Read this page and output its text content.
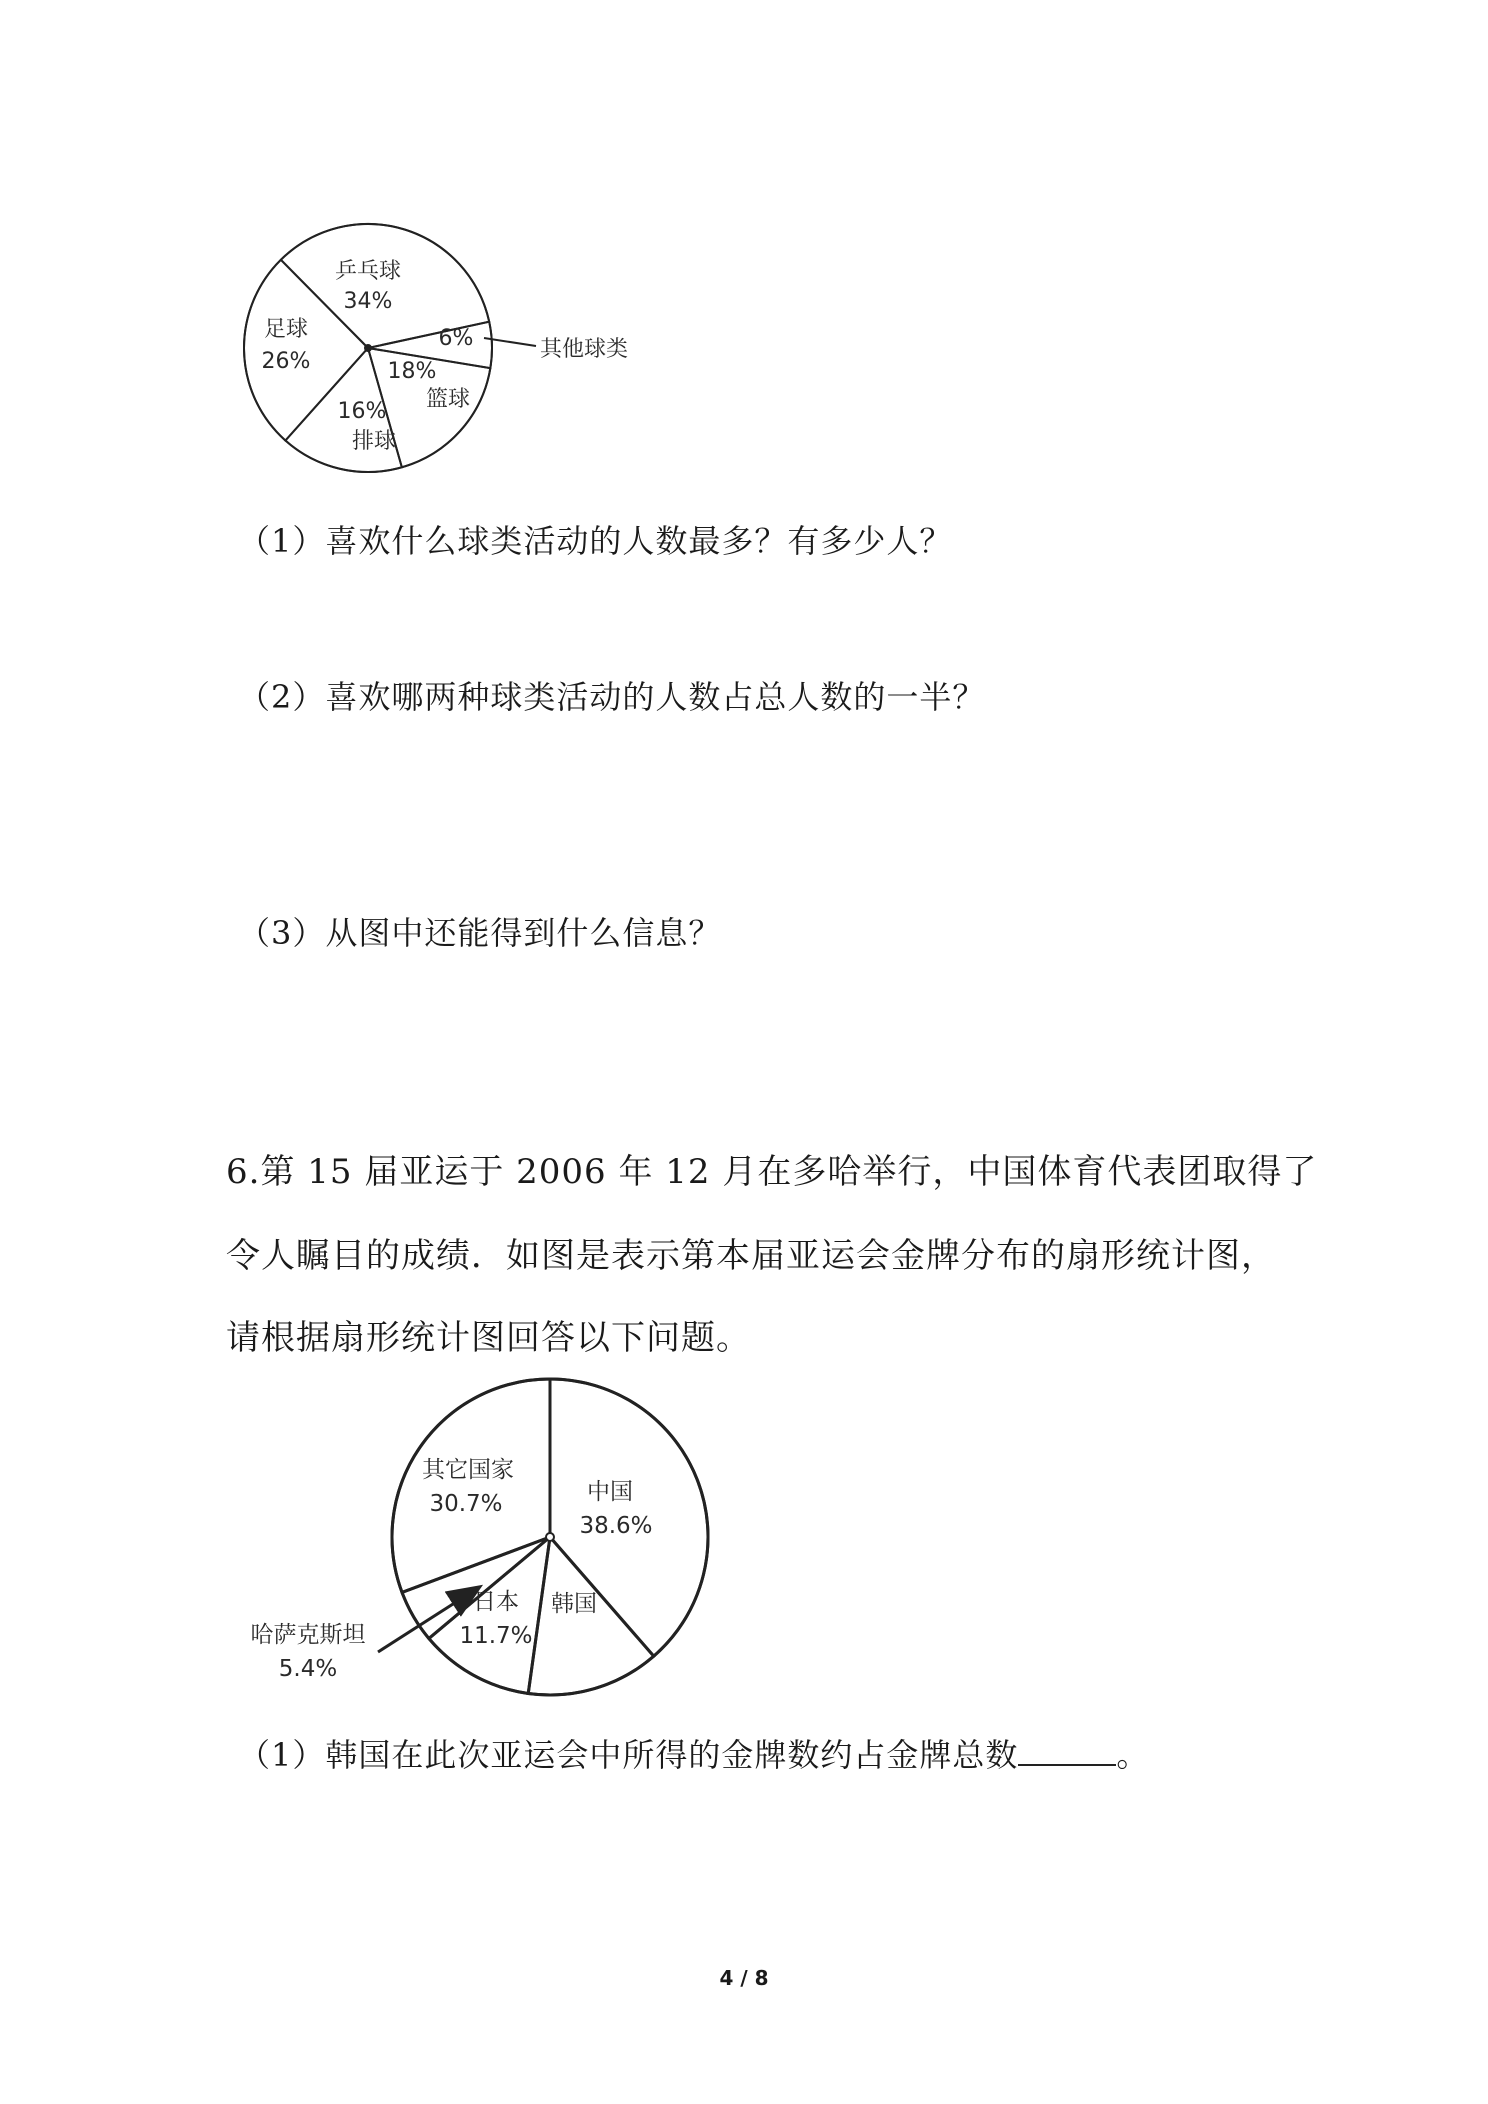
乒乓球
34%
6%
篮球
18%
排球
16%
足球
26%	其他球类
（1）喜欢什么球类活动的人数最多？有多少人？
（2）喜欢哪两种球类活动的人数占总人数的一半？
（3）从图中还能得到什么信息？
6.第 15 届亚运于 2006 年 12 月在多哈举行，中国体育代表团取得了
令人瞩目的成绩．如图是表示第本届亚运会金牌分布的扇形统计图，
请根据扇形统计图回答以下问题。
中国
38.6%
韩国
日本
11.7%
其它国家
30.7%
哈萨克斯坦
5.4%
（1）韩国在此次亚运会中所得的金牌数约占金牌总数	。
4 / 8
